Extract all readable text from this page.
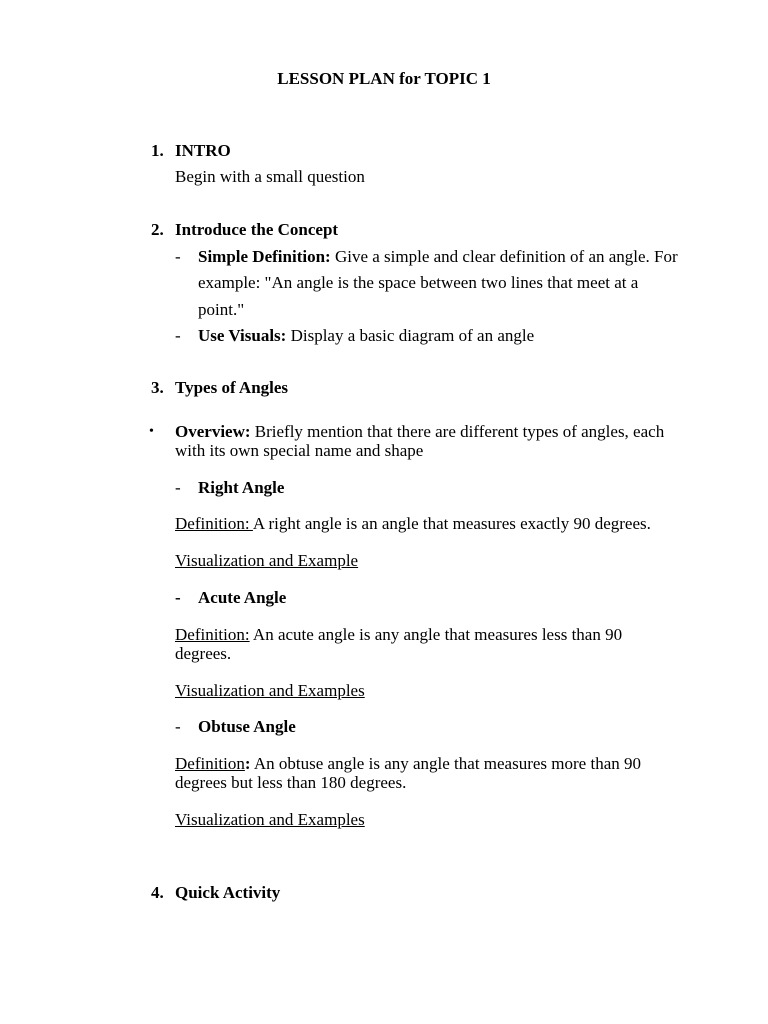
LESSON PLAN for TOPIC 1
1. INTRO
Begin with a small question
2. Introduce the Concept
- Simple Definition: Give a simple and clear definition of an angle. For
example: "An angle is the space between two lines that meet at a
point."
- Use Visuals: Display a basic diagram of an angle
3. Types of Angles
• Overview: Briefly mention that there are different types of angles, each
with its own special name and shape
- Right Angle
Definition: A right angle is an angle that measures exactly 90 degrees.
Visualization and Example
- Acute Angle
Definition: An acute angle is any angle that measures less than 90
degrees.
Visualization and Examples
- Obtuse Angle
Definition: An obtuse angle is any angle that measures more than 90
degrees but less than 180 degrees.
Visualization and Examples
4. Quick Activity
